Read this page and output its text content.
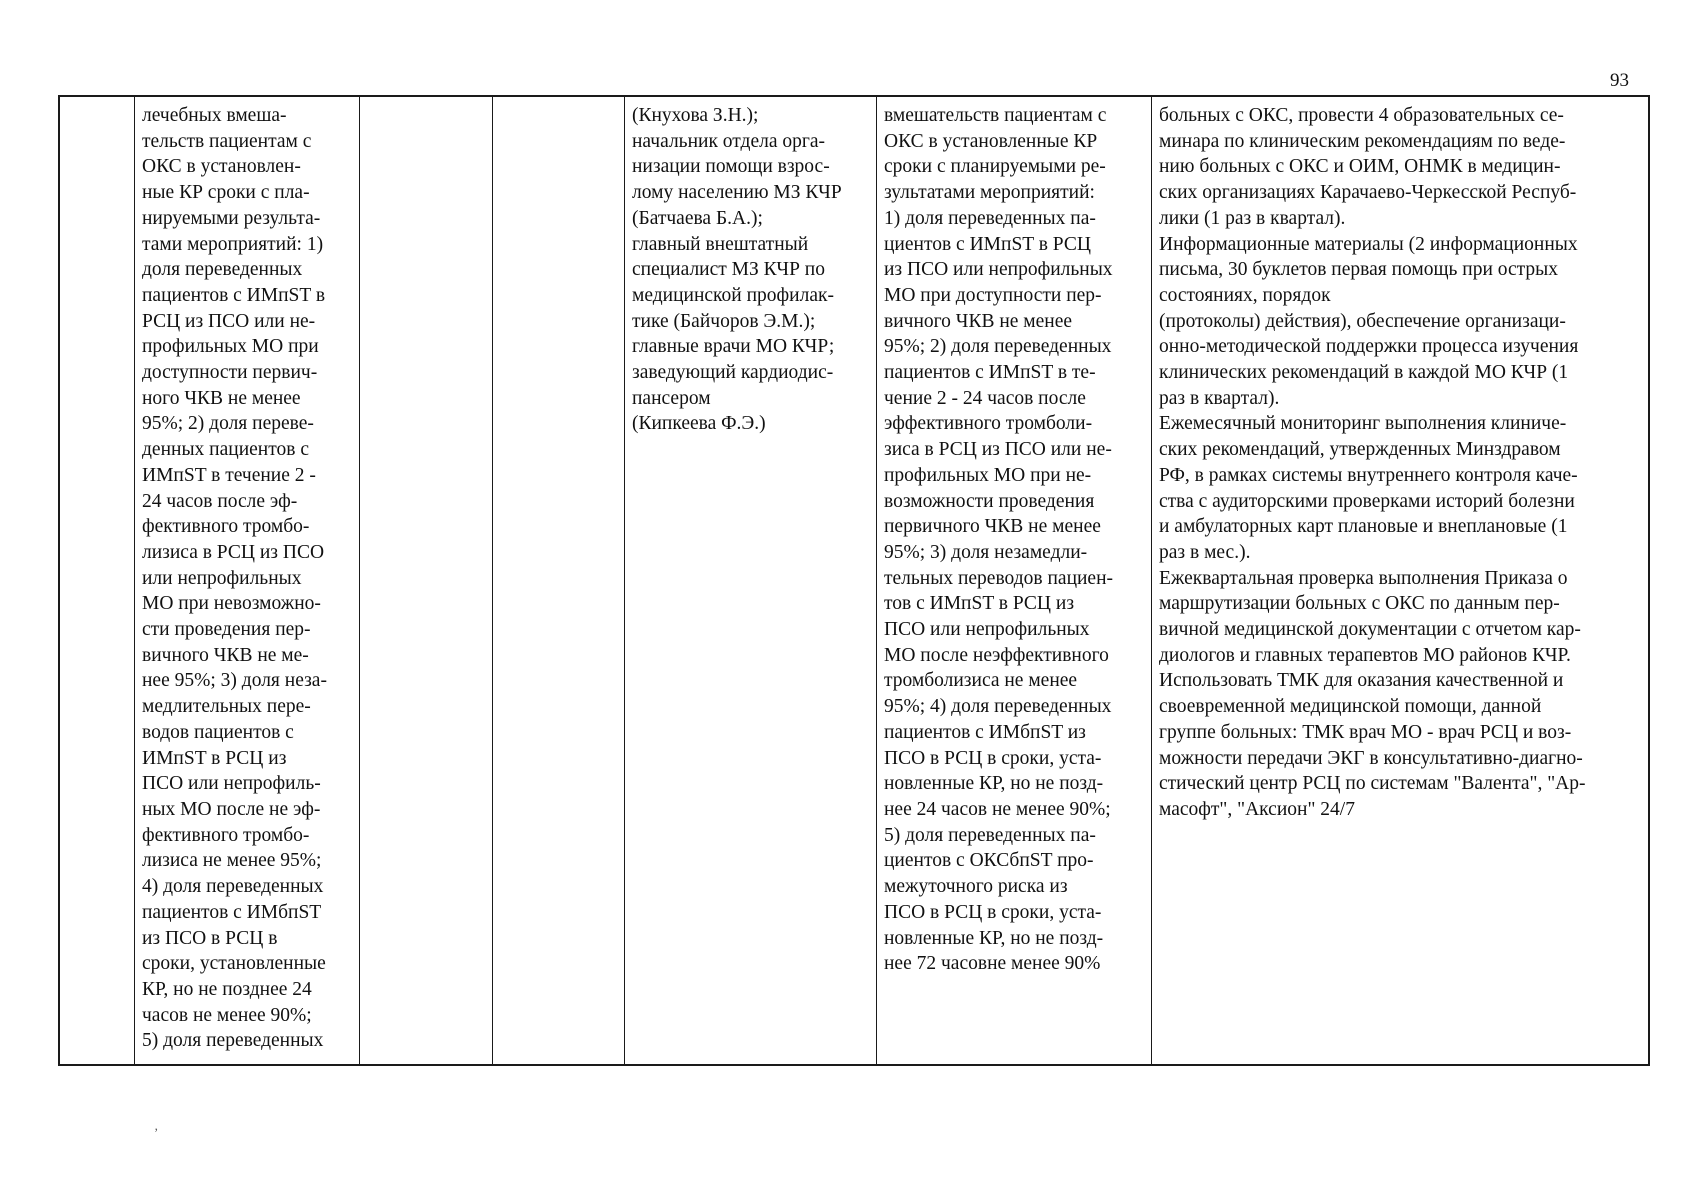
93
лечебных вмеша-
тельств пациентам с
ОКС в установлен-
ные КР сроки с пла-
нируемыми результа-
тами мероприятий: 1)
доля переведенных
пациентов с ИМпST в
РСЦ из ПСО или не-
профильных МО при
доступности первич-
ного ЧКВ не менее
95%; 2) доля переве-
денных пациентов с
ИМпST в течение 2 -
24 часов после эф-
фективного тромбо-
лизиса в РСЦ из ПСО
или непрофильных
МО при невозможно-
сти проведения пер-
вичного ЧКВ не ме-
нее 95%; 3) доля неза-
медлительных пере-
водов пациентов с
ИМпST в РСЦ из
ПСО или непрофиль-
ных МО после не эф-
фективного тромбо-
лизиса не менее 95%;
4) доля переведенных
пациентов с ИМбпST
из ПСО в РСЦ в
сроки, установленные
КР, но не позднее 24
часов не менее 90%;
5) доля переведенных
(Кнухова З.Н.);
начальник отдела орга-
низации помощи взрос-
лому населению МЗ КЧР
(Батчаева Б.А.);
главный внештатный
специалист МЗ КЧР по
медицинской профилак-
тике (Байчоров Э.М.);
главные врачи МО КЧР;
заведующий кардиодис-
пансером
(Кипкеева Ф.Э.)
вмешательств пациентам с
ОКС в установленные КР
сроки с планируемыми ре-
зультатами мероприятий:
1) доля переведенных па-
циентов с ИМпST в РСЦ
из ПСО или непрофильных
МО при доступности пер-
вичного ЧКВ не менее
95%; 2) доля переведенных
пациентов с ИМпST в те-
чение 2 - 24 часов после
эффективного тромболи-
зиса в РСЦ из ПСО или не-
профильных МО при не-
возможности проведения
первичного ЧКВ не менее
95%; 3) доля незамедли-
тельных переводов пациен-
тов с ИМпST в РСЦ из
ПСО или непрофильных
МО после неэффективного
тромболизиса не менее
95%; 4) доля переведенных
пациентов с ИМбпST из
ПСО в РСЦ в сроки, уста-
новленные КР, но не позд-
нее 24 часов не менее 90%;
5) доля переведенных па-
циентов с ОКСбпST про-
межуточного риска из
ПСО в РСЦ в сроки, уста-
новленные КР, но не позд-
нее 72 часовне менее 90%
больных с ОКС, провести 4 образовательных се-
минара по клиническим рекомендациям по веде-
нию больных с ОКС и ОИМ, ОНМК в медицин-
ских организациях Карачаево-Черкесской Респуб-
лики (1 раз в квартал).
Информационные материалы (2 информационных
письма, 30 буклетов первая помощь при острых
состояниях, порядок
(протоколы) действия), обеспечение организаци-
онно-методической поддержки процесса изучения
клинических рекомендаций в каждой МО КЧР (1
раз в квартал).
Ежемесячный мониторинг выполнения клиниче-
ских рекомендаций, утвержденных Минздравом
РФ, в рамках системы внутреннего контроля каче-
ства с аудиторскими проверками историй болезни
и амбулаторных карт плановые и внеплановые (1
раз в мес.).
Ежеквартальная проверка выполнения Приказа о
маршрутизации больных с ОКС по данным пер-
вичной медицинской документации с отчетом кар-
диологов и главных терапевтов МО районов КЧР.
Использовать ТМК для оказания качественной и
своевременной медицинской помощи, данной
группе больных: ТМК врач МО - врач РСЦ и воз-
можности передачи ЭКГ в консультативно-диагно-
стический центр РСЦ по системам "Валента", "Ар-
масофт", "Аксион" 24/7
ʼ
